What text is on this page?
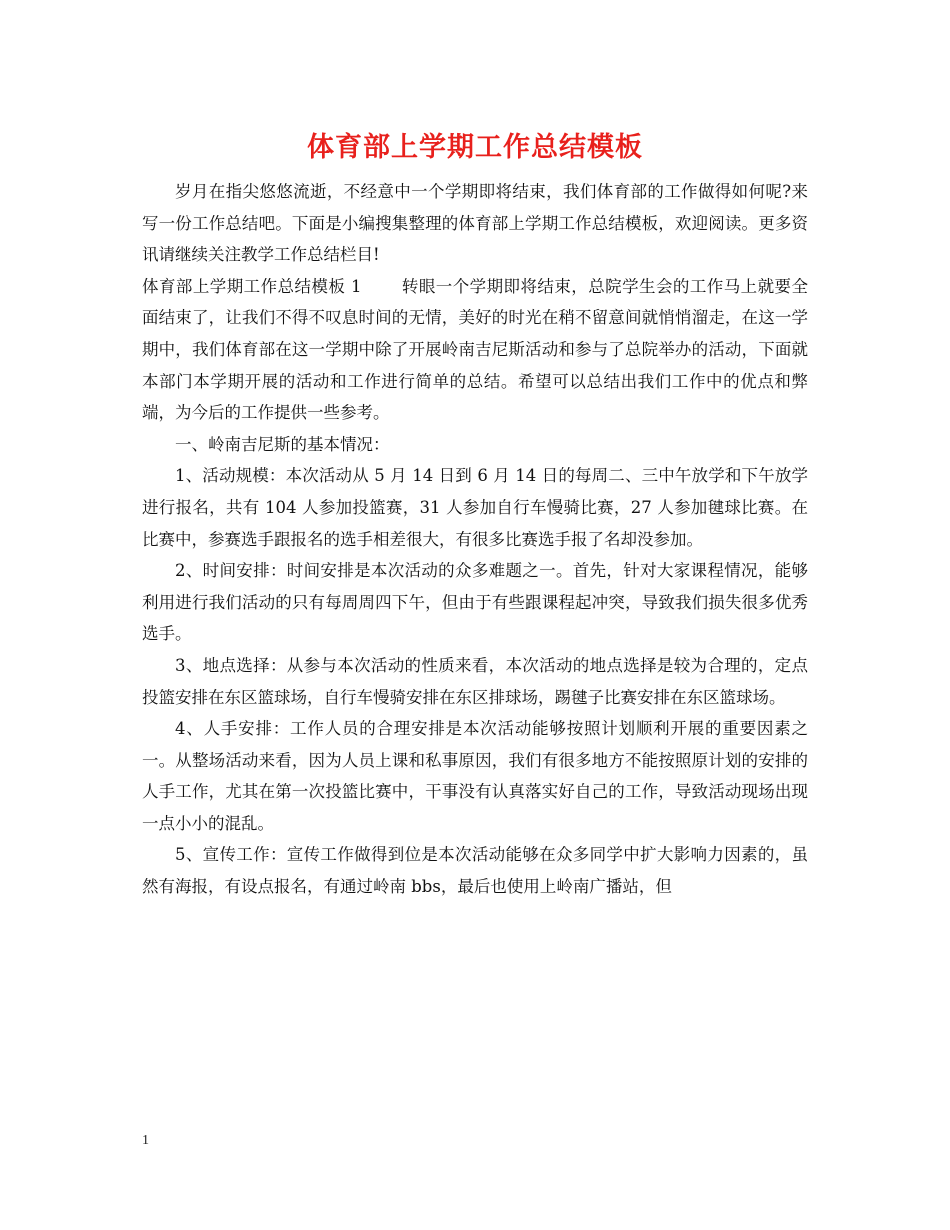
体育部上学期工作总结模板

岁月在指尖悠悠流逝，不经意中一个学期即将结束，我们体育部的工作做得如何呢?来写一份工作总结吧。下面是小编搜集整理的体育部上学期工作总结模板，欢迎阅读。更多资讯请继续关注教学工作总结栏目!

体育部上学期工作总结模板 1 转眼一个学期即将结束，总院学生会的工作马上就要全面结束了，让我们不得不叹息时间的无情，美好的时光在稍不留意间就悄悄溜走，在这一学期中，我们体育部在这一学期中除了开展岭南吉尼斯活动和参与了总院举办的活动，下面就本部门本学期开展的活动和工作进行简单的总结。希望可以总结出我们工作中的优点和弊端，为今后的工作提供一些参考。

一、岭南吉尼斯的基本情况：

1、活动规模：本次活动从 5 月 14 日到 6 月 14 日的每周二、三中午放学和下午放学进行报名，共有 104 人参加投篮赛，31 人参加自行车慢骑比赛，27 人参加毽球比赛。在比赛中，参赛选手跟报名的选手相差很大，有很多比赛选手报了名却没参加。

2、时间安排：时间安排是本次活动的众多难题之一。首先，针对大家课程情况，能够利用进行我们活动的只有每周周四下午，但由于有些跟课程起冲突，导致我们损失很多优秀选手。

3、地点选择：从参与本次活动的性质来看，本次活动的地点选择是较为合理的，定点投篮安排在东区篮球场，自行车慢骑安排在东区排球场，踢毽子比赛安排在东区篮球场。

4、人手安排：工作人员的合理安排是本次活动能够按照计划顺利开展的重要因素之一。从整场活动来看，因为人员上课和私事原因，我们有很多地方不能按照原计划的安排的人手工作，尤其在第一次投篮比赛中，干事没有认真落实好自己的工作，导致活动现场出现一点小小的混乱。

5、宣传工作：宣传工作做得到位是本次活动能够在众多同学中扩大影响力因素的，虽然有海报，有设点报名，有通过岭南 bbs，最后也使用上岭南广播站，但

1
